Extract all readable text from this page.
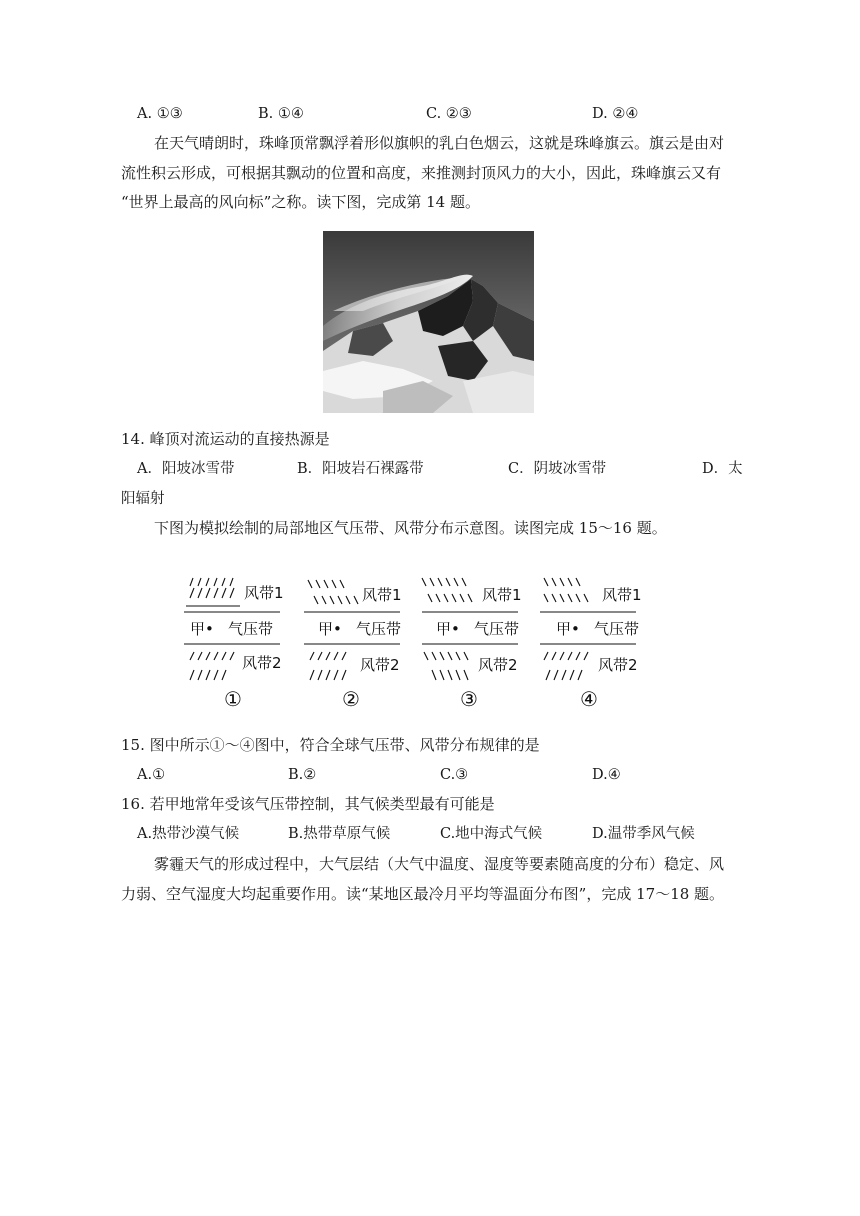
A. ①③	B. ①④	C. ②③	D. ②④
在天气晴朗时，珠峰顶常飘浮着形似旗帜的乳白色烟云，这就是珠峰旗云。旗云是由对
流性积云形成，可根据其飘动的位置和高度，来推测封顶风力的大小，因此，珠峰旗云又有
“世界上最高的风向标”之称。读下图，完成第 14 题。
14. 峰顶对流运动的直接热源是
A．阳坡冰雪带	B．阳坡岩石裸露带	C．阴坡冰雪带	D．太
阳辐射
下图为模拟绘制的局部地区气压带、风带分布示意图。读图完成 15～16 题。
风带1
甲• 气压带
风带2
①
风带1
甲• 气压带
风带2
②
风带1
甲• 气压带
风带2
③
风带1
甲• 气压带
风带2
④
15. 图中所示①～④图中，符合全球气压带、风带分布规律的是
A.①	B.②	C.③	D.④
16. 若甲地常年受该气压带控制，其气候类型最有可能是
A.热带沙漠气候	B.热带草原气候	C.地中海式气候	D.温带季风气候
雾霾天气的形成过程中，大气层结（大气中温度、湿度等要素随高度的分布）稳定、风
力弱、空气湿度大均起重要作用。读“某地区最冷月平均等温面分布图”，完成 17～18 题。
